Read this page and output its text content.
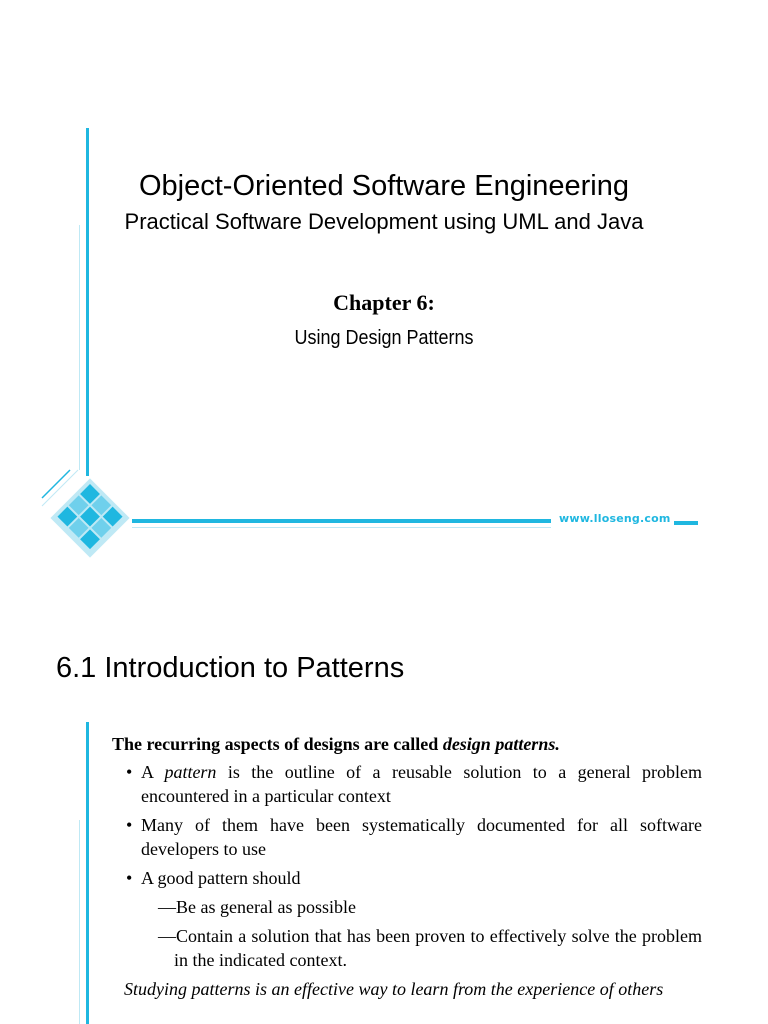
Object-Oriented Software Engineering
Practical Software Development using UML and Java
Chapter 6:
Using Design Patterns
www.lloseng.com
6.1 Introduction to Patterns

The recurring aspects of designs are called design patterns.

• A pattern is the outline of a reusable solution to a general problem encountered in a particular context

• Many of them have been systematically documented for all software developers to use

• A good pattern should

—Be as general as possible

—Contain a solution that has been proven to effectively solve the problem in the indicated context.

Studying patterns is an effective way to learn from the experience of others
